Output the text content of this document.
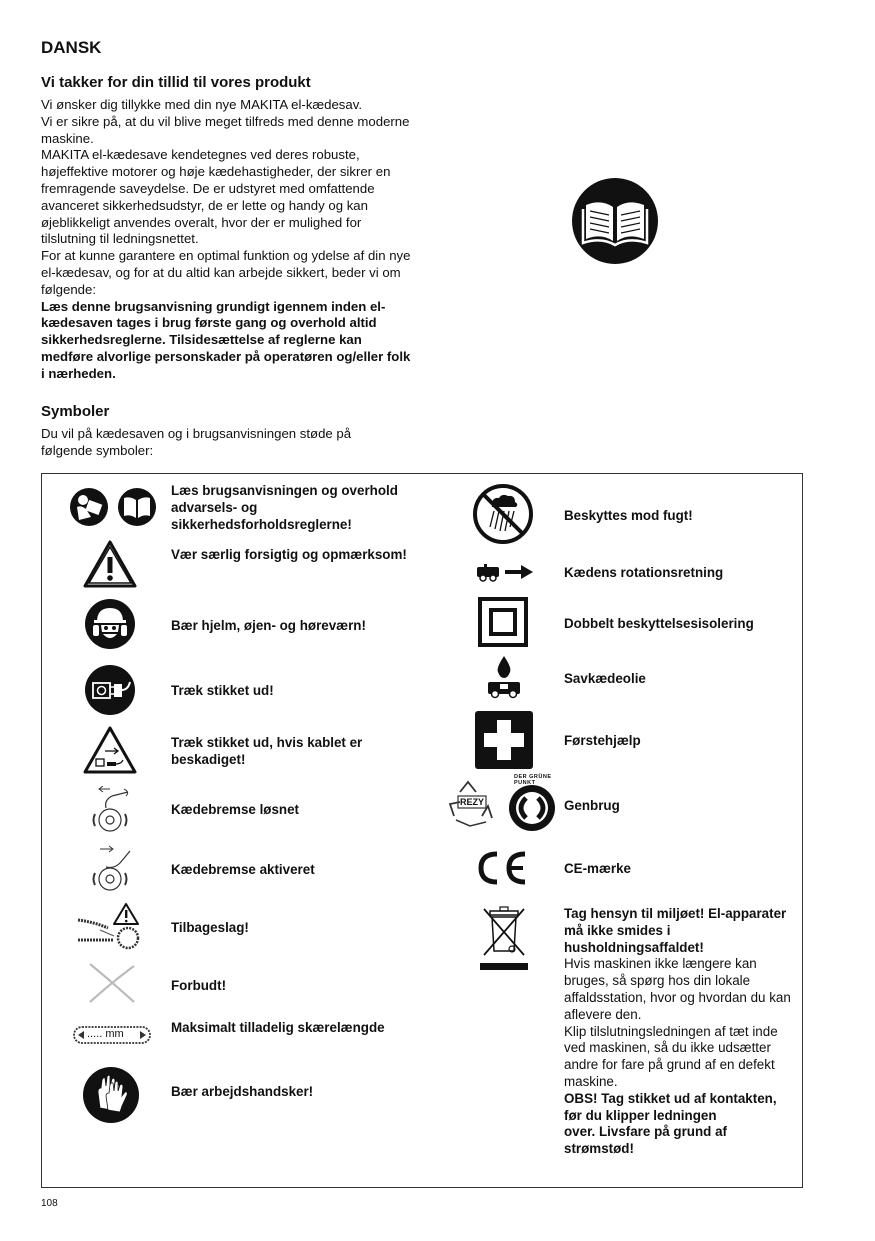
DANSK
Vi takker for din tillid til vores produkt

Vi ønsker dig tillykke med din nye MAKITA el-kædesav.

Vi er sikre på, at du vil blive meget tilfreds med denne moderne maskine.

MAKITA el-kædesave kendetegnes ved deres robuste, højeffektive motorer og høje kædehastigheder, der sikrer en fremragende saveydelse. De er udstyret med omfattende avanceret sikkerhedsudstyr, de er lette og handy og kan øjeblikkeligt anvendes overalt, hvor der er mulighed for tilslutning til ledningsnettet.

For at kunne garantere en optimal funktion og ydelse af din nye el-kædesav, og for at du altid kan arbejde sikkert, beder vi om følgende:

Læs denne brugsanvisning grundigt igennem inden el-kædesaven tages i brug første gang og overhold altid sikkerhedsreglerne. Tilsidesættelse af reglerne kan medføre alvorlige personskader på operatøren og/eller folk i nærheden.

Symboler
Du vil på kædesaven og i brugsanvisningen støde på følgende symboler:
..... mm
Læs brugsanvisningen og overhold advarsels- og sikkerhedsforholdsreglerne!
Vær særlig forsigtig og opmærksom!
Bær hjelm, øjen- og høreværn!
Træk stikket ud!
Træk stikket ud, hvis kablet er beskadiget!
Kædebremse løsnet
Kædebremse aktiveret
Tilbageslag!
Forbudt!
Maksimalt tilladelig skærelængde
Bær arbejdshandsker!
REZY
DER GRÜNE PUNKT
Beskyttes mod fugt!
Kædens rotationsretning
Dobbelt beskyttelsesisolering
Savkædeolie
Førstehjælp
Genbrug
CE-mærke

Tag hensyn til miljøet! El-apparater må ikke smides i husholdningsaffaldet!

Hvis maskinen ikke længere kan bruges, så spørg hos din lokale affaldsstation, hvor og hvordan du kan aflevere den.

Klip tilslutningsledningen af tæt inde ved maskinen, så du ikke udsætter andre for fare på grund af en defekt maskine.

OBS! Tag stikket ud af kontakten, før du klipper ledningen

over. Livsfare på grund af strømstød!

108
